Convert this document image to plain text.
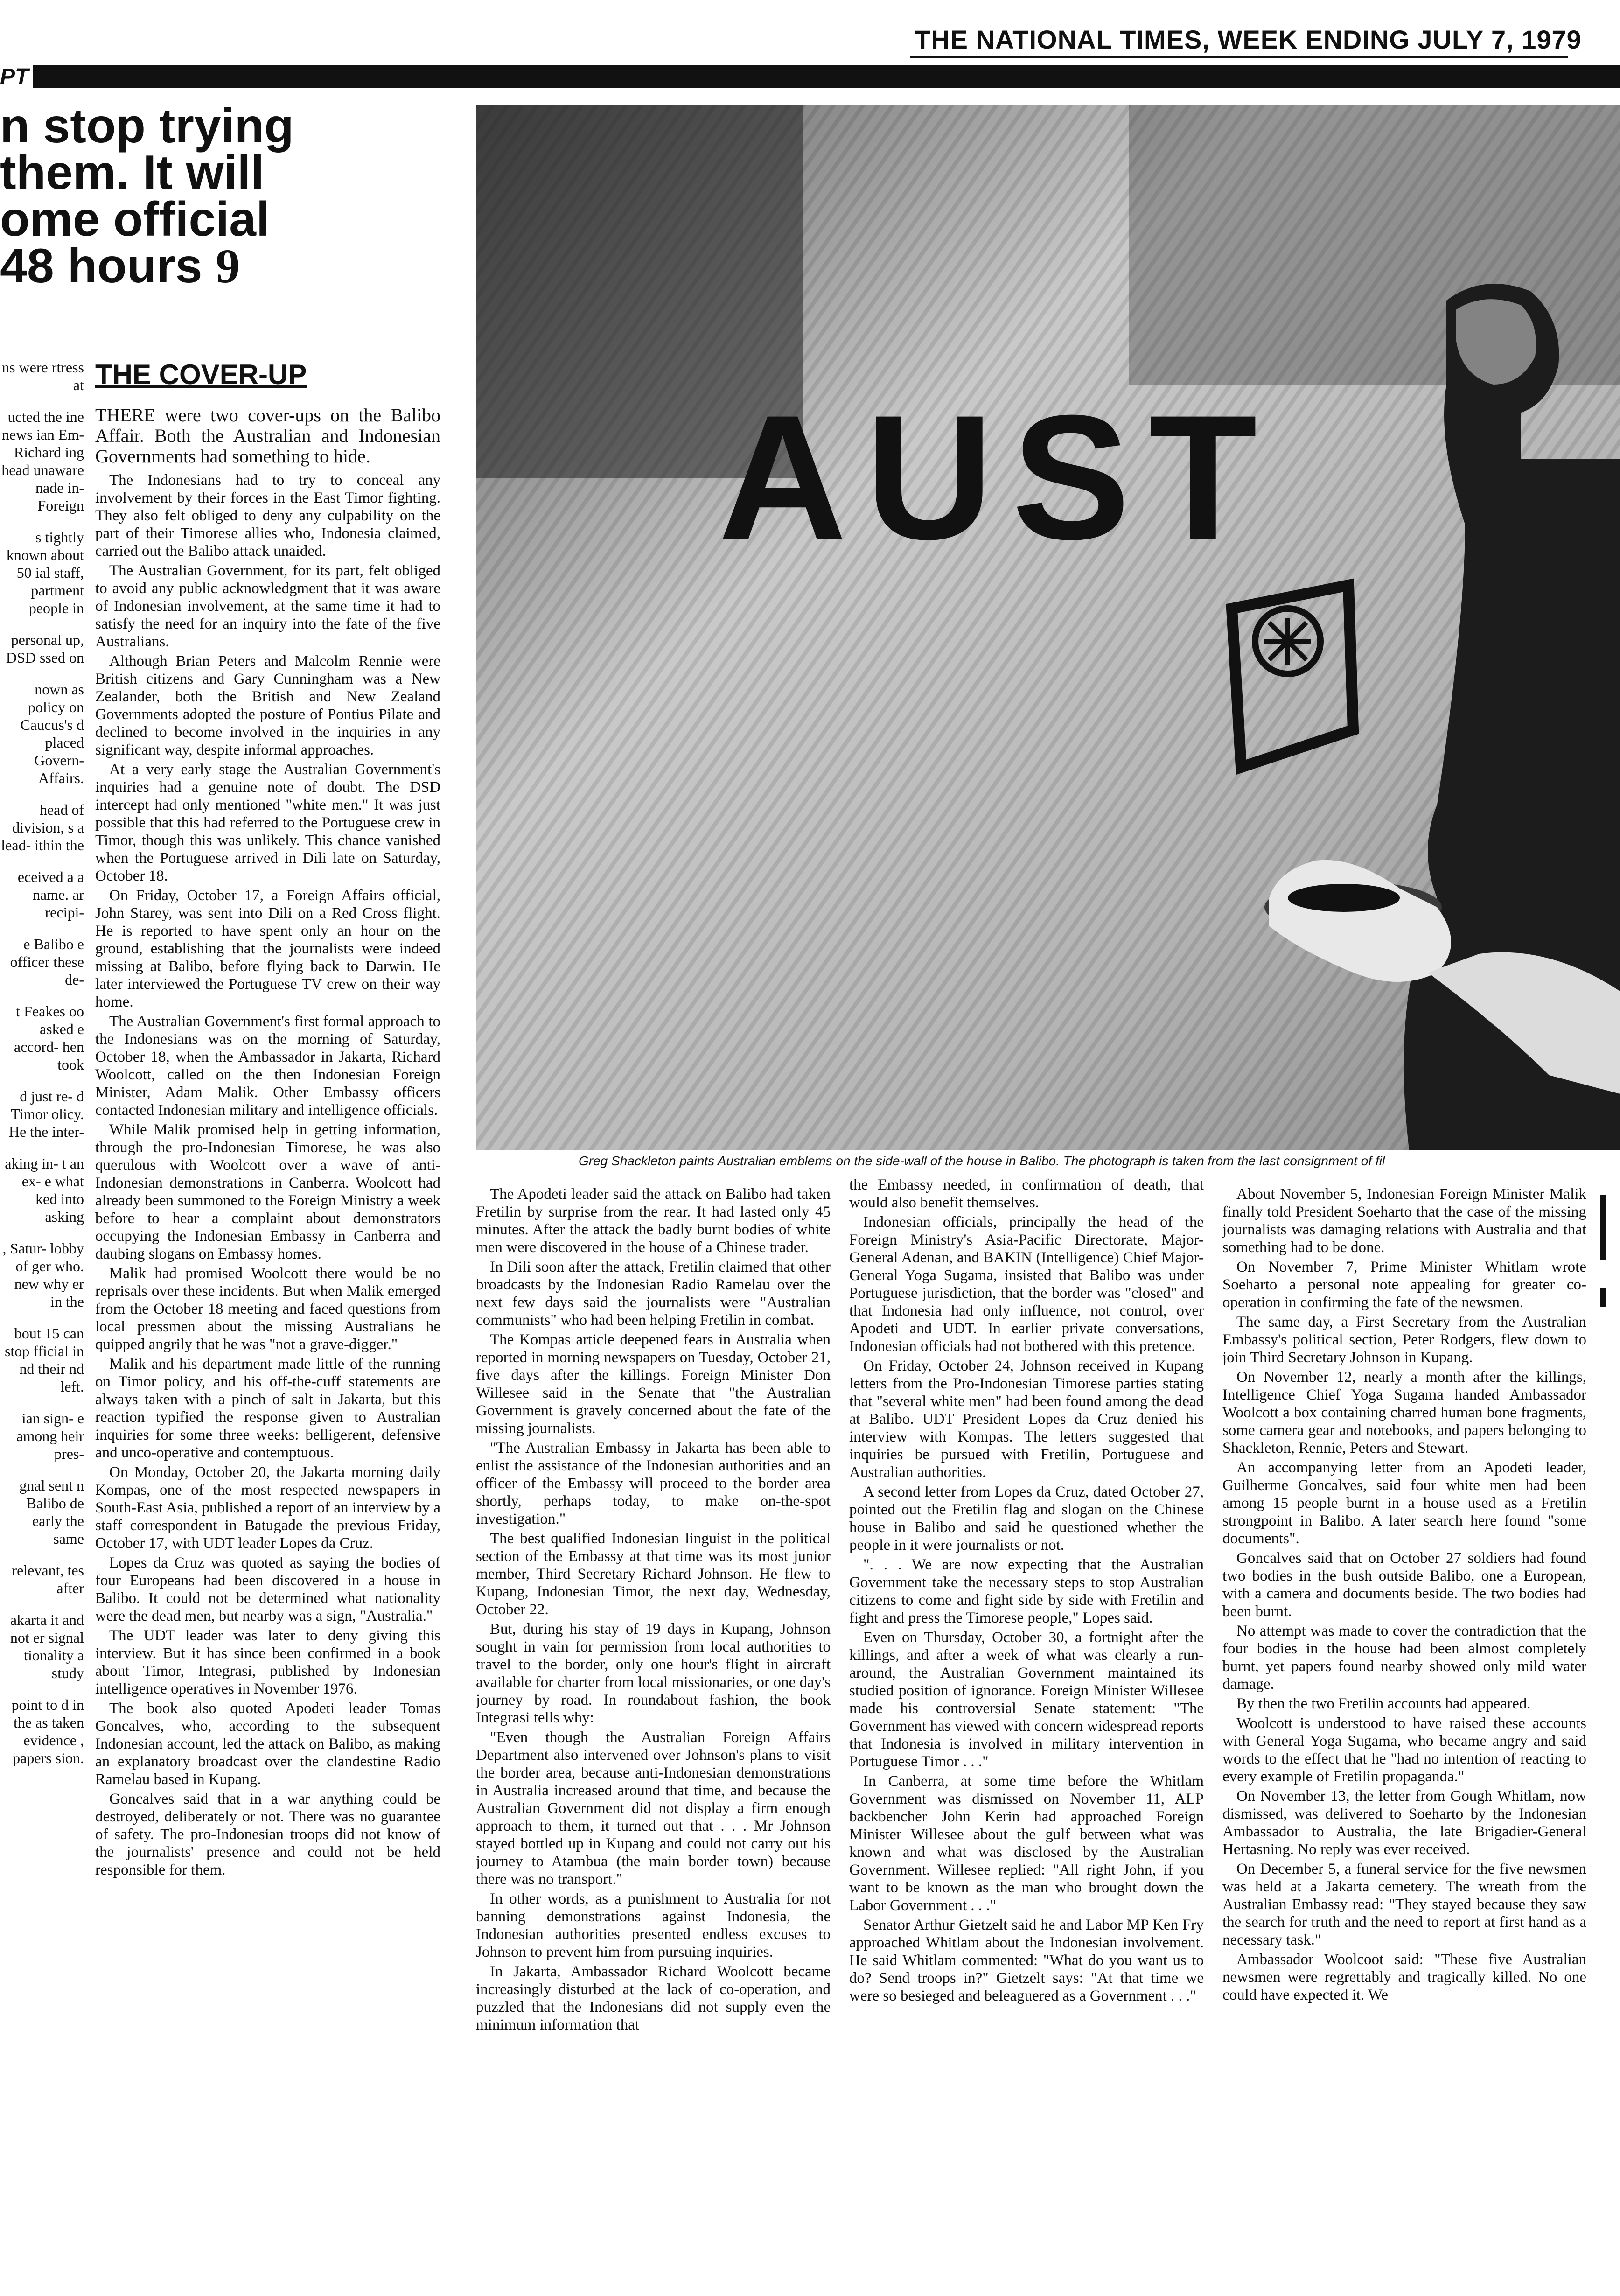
THE NATIONAL TIMES, WEEK ENDING JULY 7, 1979
PT
n stop trying
them. It will
ome official
48 hours 9
AUST
Greg Shackleton paints Australian emblems on the side-wall of the house in Balibo. The photograph is taken from the last consignment of fil

ns were rtress at

ucted the ine news ian Em- Richard ing head unaware nade in- Foreign

s tightly known about 50 ial staff, partment people in

personal up, DSD ssed on

nown as policy on Caucus's d placed Govern- Affairs.

head of division, s a lead- ithin the

eceived a a name. ar recipi-

e Balibo e officer these de-

t Feakes oo asked e accord- hen took

d just re- d Timor olicy. He the inter-

aking in- t an ex- e what ked into asking

, Satur- lobby of ger who. new why er in the

bout 15 can stop fficial in nd their nd left.

ian sign- e among heir pres-

gnal sent n Balibo de early the same

relevant, tes after

akarta it and not er signal tionality a study

point to d in the as taken evidence , papers sion.

THE COVER-UP

THERE were two cover-ups on the Balibo Affair. Both the Australian and Indonesian Governments had something to hide.

The Indonesians had to try to conceal any involvement by their forces in the East Timor fighting. They also felt obliged to deny any culpability on the part of their Timorese allies who, Indonesia claimed, carried out the Balibo attack unaided.

The Australian Government, for its part, felt obliged to avoid any public acknowledgment that it was aware of Indonesian involvement, at the same time it had to satisfy the need for an inquiry into the fate of the five Australians.

Although Brian Peters and Malcolm Rennie were British citizens and Gary Cunningham was a New Zealander, both the British and New Zealand Governments adopted the posture of Pontius Pilate and declined to become involved in the inquiries in any significant way, despite informal approaches.

At a very early stage the Australian Government's inquiries had a genuine note of doubt. The DSD intercept had only mentioned "white men." It was just possible that this had referred to the Portuguese crew in Timor, though this was unlikely. This chance vanished when the Portuguese arrived in Dili late on Saturday, October 18.

On Friday, October 17, a Foreign Affairs official, John Starey, was sent into Dili on a Red Cross flight. He is reported to have spent only an hour on the ground, establishing that the journalists were indeed missing at Balibo, before flying back to Darwin. He later interviewed the Portuguese TV crew on their way home.

The Australian Government's first formal approach to the Indonesians was on the morning of Saturday, October 18, when the Ambassador in Jakarta, Richard Woolcott, called on the then Indonesian Foreign Minister, Adam Malik. Other Embassy officers contacted Indonesian military and intelligence officials.

While Malik promised help in getting information, through the pro-Indonesian Timorese, he was also querulous with Woolcott over a wave of anti-Indonesian demonstrations in Canberra. Woolcott had already been summoned to the Foreign Ministry a week before to hear a complaint about demonstrators occupying the Indonesian Embassy in Canberra and daubing slogans on Embassy homes.

Malik had promised Woolcott there would be no reprisals over these incidents. But when Malik emerged from the October 18 meeting and faced questions from local pressmen about the missing Australians he quipped angrily that he was "not a grave-digger."

Malik and his department made little of the running on Timor policy, and his off-the-cuff statements are always taken with a pinch of salt in Jakarta, but this reaction typified the response given to Australian inquiries for some three weeks: belligerent, defensive and unco-operative and contemptuous.

On Monday, October 20, the Jakarta morning daily Kompas, one of the most respected newspapers in South-East Asia, published a report of an interview by a staff correspondent in Batugade the previous Friday, October 17, with UDT leader Lopes da Cruz.

Lopes da Cruz was quoted as saying the bodies of four Europeans had been discovered in a house in Balibo. It could not be determined what nationality were the dead men, but nearby was a sign, "Australia."

The UDT leader was later to deny giving this interview. But it has since been confirmed in a book about Timor, Integrasi, published by Indonesian intelligence operatives in November 1976.

The book also quoted Apodeti leader Tomas Goncalves, who, according to the subsequent Indonesian account, led the attack on Balibo, as making an explanatory broadcast over the clandestine Radio Ramelau based in Kupang.

Goncalves said that in a war anything could be destroyed, deliberately or not. There was no guarantee of safety. The pro-Indonesian troops did not know of the journalists' presence and could not be held responsible for them.

The Apodeti leader said the attack on Balibo had taken Fretilin by surprise from the rear. It had lasted only 45 minutes. After the attack the badly burnt bodies of white men were discovered in the house of a Chinese trader.

In Dili soon after the attack, Fretilin claimed that other broadcasts by the Indonesian Radio Ramelau over the next few days said the journalists were "Australian communists" who had been helping Fretilin in combat.

The Kompas article deepened fears in Australia when reported in morning newspapers on Tuesday, October 21, five days after the killings. Foreign Minister Don Willesee said in the Senate that "the Australian Government is gravely concerned about the fate of the missing journalists.

"The Australian Embassy in Jakarta has been able to enlist the assistance of the Indonesian authorities and an officer of the Embassy will proceed to the border area shortly, perhaps today, to make on-the-spot investigation."

The best qualified Indonesian linguist in the political section of the Embassy at that time was its most junior member, Third Secretary Richard Johnson. He flew to Kupang, Indonesian Timor, the next day, Wednesday, October 22.

But, during his stay of 19 days in Kupang, Johnson sought in vain for permission from local authorities to travel to the border, only one hour's flight in aircraft available for charter from local missionaries, or one day's journey by road. In roundabout fashion, the book Integrasi tells why:

"Even though the Australian Foreign Affairs Department also intervened over Johnson's plans to visit the border area, because anti-Indonesian demonstrations in Australia increased around that time, and because the Australian Government did not display a firm enough approach to them, it turned out that . . . Mr Johnson stayed bottled up in Kupang and could not carry out his journey to Atambua (the main border town) because there was no transport."

In other words, as a punishment to Australia for not banning demonstrations against Indonesia, the Indonesian authorities presented endless excuses to Johnson to prevent him from pursuing inquiries.

In Jakarta, Ambassador Richard Woolcott became increasingly disturbed at the lack of co-operation, and puzzled that the Indonesians did not supply even the minimum information that

the Embassy needed, in confirmation of death, that would also benefit themselves.

Indonesian officials, principally the head of the Foreign Ministry's Asia-Pacific Directorate, Major-General Adenan, and BAKIN (Intelligence) Chief Major-General Yoga Sugama, insisted that Balibo was under Portuguese jurisdiction, that the border was "closed" and that Indonesia had only influence, not control, over Apodeti and UDT. In earlier private conversations, Indonesian officials had not bothered with this pretence.

On Friday, October 24, Johnson received in Kupang letters from the Pro-Indonesian Timorese parties stating that "several white men" had been found among the dead at Balibo. UDT President Lopes da Cruz denied his interview with Kompas. The letters suggested that inquiries be pursued with Fretilin, Portuguese and Australian authorities.

A second letter from Lopes da Cruz, dated October 27, pointed out the Fretilin flag and slogan on the Chinese house in Balibo and said he questioned whether the people in it were journalists or not.

". . . We are now expecting that the Australian Government take the necessary steps to stop Australian citizens to come and fight side by side with Fretilin and fight and press the Timorese people," Lopes said.

Even on Thursday, October 30, a fortnight after the killings, and after a week of what was clearly a run-around, the Australian Government maintained its studied position of ignorance. Foreign Minister Willesee made his controversial Senate statement: "The Government has viewed with concern widespread reports that Indonesia is involved in military intervention in Portuguese Timor . . ."

In Canberra, at some time before the Whitlam Government was dismissed on November 11, ALP backbencher John Kerin had approached Foreign Minister Willesee about the gulf between what was known and what was disclosed by the Australian Government. Willesee replied: "All right John, if you want to be known as the man who brought down the Labor Government . . ."

Senator Arthur Gietzelt said he and Labor MP Ken Fry approached Whitlam about the Indonesian involvement. He said Whitlam commented: "What do you want us to do? Send troops in?" Gietzelt says: "At that time we were so besieged and beleaguered as a Government . . ."

About November 5, Indonesian Foreign Minister Malik finally told President Soeharto that the case of the missing journalists was damaging relations with Australia and that something had to be done.

On November 7, Prime Minister Whitlam wrote Soeharto a personal note appealing for greater co-operation in confirming the fate of the newsmen.

The same day, a First Secretary from the Australian Embassy's political section, Peter Rodgers, flew down to join Third Secretary Johnson in Kupang.

On November 12, nearly a month after the killings, Intelligence Chief Yoga Sugama handed Ambassador Woolcott a box containing charred human bone fragments, some camera gear and notebooks, and papers belonging to Shackleton, Rennie, Peters and Stewart.

An accompanying letter from an Apodeti leader, Guilherme Goncalves, said four white men had been among 15 people burnt in a house used as a Fretilin strongpoint in Balibo. A later search here found "some documents".

Goncalves said that on October 27 soldiers had found two bodies in the bush outside Balibo, one a European, with a camera and documents beside. The two bodies had been burnt.

No attempt was made to cover the contradiction that the four bodies in the house had been almost completely burnt, yet papers found nearby showed only mild water damage.

By then the two Fretilin accounts had appeared.

Woolcott is understood to have raised these accounts with General Yoga Sugama, who became angry and said words to the effect that he "had no intention of reacting to every example of Fretilin propaganda."

On November 13, the letter from Gough Whitlam, now dismissed, was delivered to Soeharto by the Indonesian Ambassador to Australia, the late Brigadier-General Hertasning. No reply was ever received.

On December 5, a funeral service for the five newsmen was held at a Jakarta cemetery. The wreath from the Australian Embassy read: "They stayed because they saw the search for truth and the need to report at first hand as a necessary task."

Ambassador Woolcoot said: "These five Australian newsmen were regrettably and tragically killed. No one could have expected it. We
